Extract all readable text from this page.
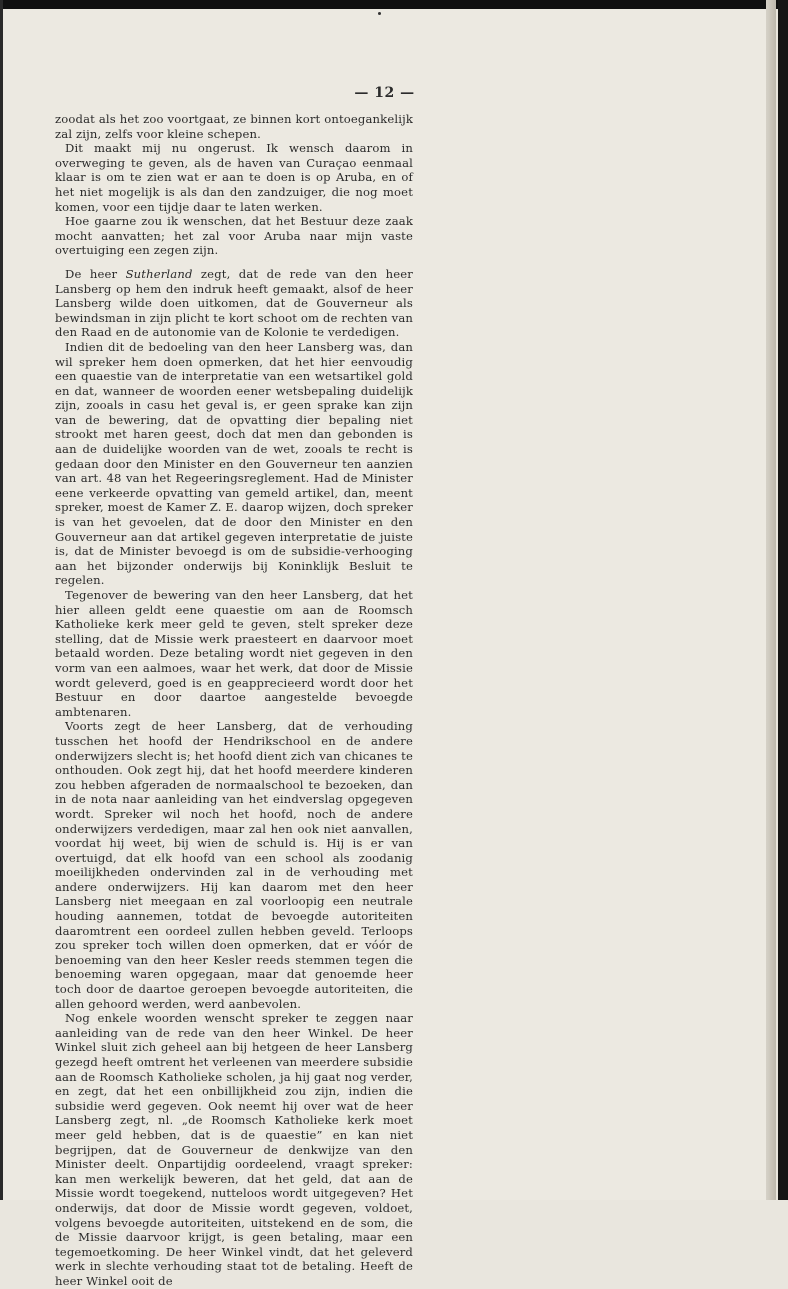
— 12 —

zoodat als het zoo voortgaat, ze binnen kort ontoegankelijk zal zijn, zelfs voor kleine schepen.

Dit maakt mij nu ongerust. Ik wensch daarom in overweging te geven, als de haven van Curaçao eenmaal klaar is om te zien wat er aan te doen is op Aruba, en of het niet mogelijk is als dan den zandzuiger, die nog moet komen, voor een tijdje daar te laten werken.

Hoe gaarne zou ik wenschen, dat het Bestuur deze zaak mocht aanvatten; het zal voor Aruba naar mijn vaste overtuiging een zegen zijn.

De heer Sutherland zegt, dat de rede van den heer Lansberg op hem den indruk heeft gemaakt, alsof de heer Lansberg wilde doen uitkomen, dat de Gouverneur als bewindsman in zijn plicht te kort schoot om de rechten van den Raad en de autonomie van de Kolonie te verdedigen.

Indien dit de bedoeling van den heer Lansberg was, dan wil spreker hem doen opmerken, dat het hier eenvoudig een quaestie van de interpretatie van een wetsartikel gold en dat, wanneer de woorden eener wetsbepaling duidelijk zijn, zooals in casu het geval is, er geen sprake kan zijn van de bewering, dat de opvatting dier bepaling niet strookt met haren geest, doch dat men dan gebonden is aan de duidelijke woorden van de wet, zooals te recht is gedaan door den Minister en den Gouverneur ten aanzien van art. 48 van het Regeeringsreglement. Had de Minister eene verkeerde opvatting van gemeld artikel, dan, meent spreker, moest de Kamer Z. E. daarop wijzen, doch spreker is van het gevoelen, dat de door den Minister en den Gouverneur aan dat artikel gegeven interpretatie de juiste is, dat de Minister bevoegd is om de subsidie-verhooging aan het bijzonder onderwijs bij Koninklijk Besluit te regelen.

Tegenover de bewering van den heer Lansberg, dat het hier alleen geldt eene quaestie om aan de Roomsch Katholieke kerk meer geld te geven, stelt spreker deze stelling, dat de Missie werk praesteert en daarvoor moet betaald worden. Deze betaling wordt niet gegeven in den vorm van een aalmoes, waar het werk, dat door de Missie wordt geleverd, goed is en geapprecieerd wordt door het Bestuur en door daartoe aangestelde bevoegde ambtenaren.

Voorts zegt de heer Lansberg, dat de verhouding tusschen het hoofd der Hendrikschool en de andere onderwijzers slecht is; het hoofd dient zich van chicanes te onthouden. Ook zegt hij, dat het hoofd meerdere kinderen zou hebben afgeraden de normaalschool te bezoeken, dan in de nota naar aanleiding van het eindverslag opgegeven wordt. Spreker wil noch het hoofd, noch de andere onderwijzers verdedigen, maar zal hen ook niet aanvallen, voordat hij weet, bij wien de schuld is. Hij is er van overtuigd, dat elk hoofd van een school als zoodanig moeilijkheden ondervinden zal in de verhouding met andere onderwijzers. Hij kan daarom met den heer Lansberg niet meegaan en zal voorloopig een neutrale houding aannemen, totdat de bevoegde autoriteiten daaromtrent een oordeel zullen hebben geveld. Terloops zou spreker toch willen doen opmerken, dat er vóór de benoeming van den heer Kesler reeds stemmen tegen die benoeming waren opgegaan, maar dat genoemde heer toch door de daartoe geroepen bevoegde autoriteiten, die allen gehoord werden, werd aanbevolen.

Nog enkele woorden wenscht spreker te zeggen naar aanleiding van de rede van den heer Winkel. De heer Winkel sluit zich geheel aan bij hetgeen de heer Lansberg gezegd heeft omtrent het verleenen van meerdere subsidie aan de Roomsch Katholieke scholen, ja hij gaat nog verder, en zegt, dat het een onbillijkheid zou zijn, indien die subsidie werd gegeven. Ook neemt hij over wat de heer Lansberg zegt, nl. „de Roomsch Katholieke kerk moet meer geld hebben, dat is de quaestie” en kan niet begrijpen, dat de Gouverneur de denkwijze van den Minister deelt. Onpartijdig oordeelend, vraagt spreker: kan men werkelijk beweren, dat het geld, dat aan de Missie wordt toegekend, nutteloos wordt uitgegeven? Het onderwijs, dat door de Missie wordt gegeven, voldoet, volgens bevoegde autoriteiten, uitstekend en de som, die de Missie daarvoor krijgt, is geen betaling, maar een tegemoetkoming. De heer Winkel vindt, dat het geleverd werk in slechte verhouding staat tot de betaling. Heeft de heer Winkel ooit de
